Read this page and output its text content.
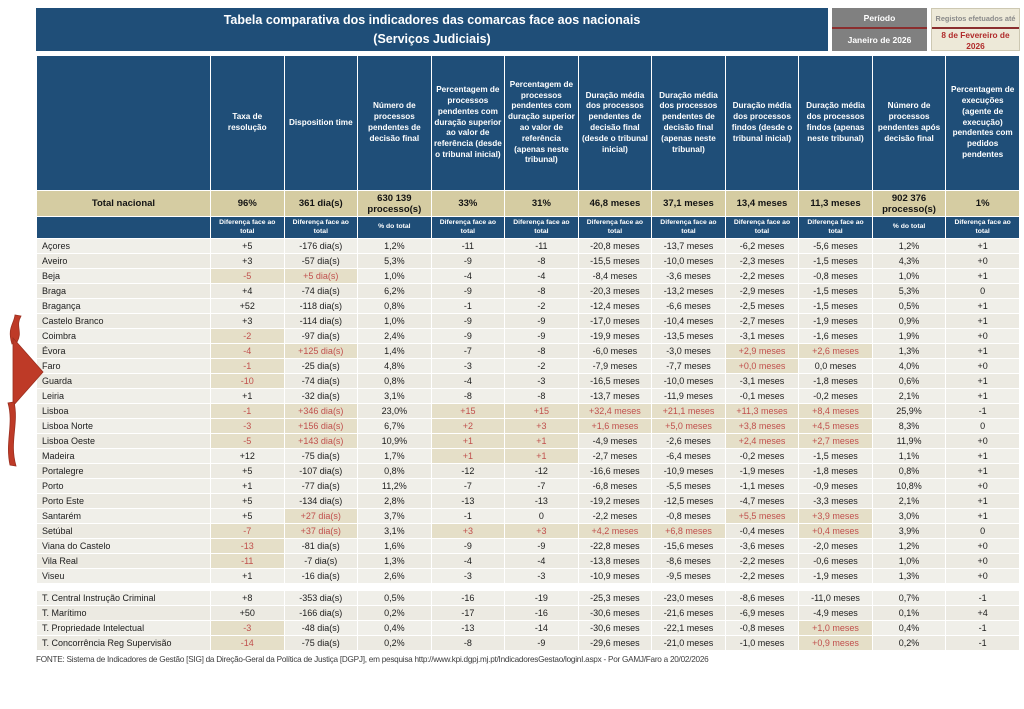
Tabela comparativa dos indicadores das comarcas face aos nacionais
(Serviços Judiciais)
Período
Janeiro de 2026
Registos efetuados até
8 de Fevereiro de 2026
	Taxa de resolução	Disposition time	Número de processos pendentes de decisão final	Percentagem de processos pendentes com duração superior ao valor de referência (desde o tribunal inicial)	Percentagem de processos pendentes com duração superior ao valor de referência (apenas neste tribunal)	Duração média dos processos pendentes de decisão final (desde o tribunal inicial)	Duração média dos processos pendentes de decisão final (apenas neste tribunal)	Duração média dos processos findos (desde o tribunal inicial)	Duração média dos processos findos (apenas neste tribunal)	Número de processos pendentes após decisão final	Percentagem de execuções (agente de execução) pendentes com pedidos pendentes
Total nacional	96%	361 dia(s)	630 139 processo(s)	33%	31%	46,8 meses	37,1 meses	13,4 meses	11,3 meses	902 376 processo(s)	1%
	Diferença face ao total	Diferença face ao total	% do total	Diferença face ao total	Diferença face ao total	Diferença face ao total	Diferença face ao total	Diferença face ao total	Diferença face ao total	% do total	Diferença face ao total
Açores	+5	-176 dia(s)	1,2%	-11	-11	-20,8 meses	-13,7 meses	-6,2 meses	-5,6 meses	1,2%	+1
Aveiro	+3	-57 dia(s)	5,3%	-9	-8	-15,5 meses	-10,0 meses	-2,3 meses	-1,5 meses	4,3%	+0
Beja	-5	+5 dia(s)	1,0%	-4	-4	-8,4 meses	-3,6 meses	-2,2 meses	-0,8 meses	1,0%	+1
Braga	+4	-74 dia(s)	6,2%	-9	-8	-20,3 meses	-13,2 meses	-2,9 meses	-1,5 meses	5,3%	0
Bragança	+52	-118 dia(s)	0,8%	-1	-2	-12,4 meses	-6,6 meses	-2,5 meses	-1,5 meses	0,5%	+1
Castelo Branco	+3	-114 dia(s)	1,0%	-9	-9	-17,0 meses	-10,4 meses	-2,7 meses	-1,9 meses	0,9%	+1
Coimbra	-2	-97 dia(s)	2,4%	-9	-9	-19,9 meses	-13,5 meses	-3,1 meses	-1,6 meses	1,9%	+0
Évora	-4	+125 dia(s)	1,4%	-7	-8	-6,0 meses	-3,0 meses	+2,9 meses	+2,6 meses	1,3%	+1
Faro	-1	-25 dia(s)	4,8%	-3	-2	-7,9 meses	-7,7 meses	+0,0 meses	0,0 meses	4,0%	+0
Guarda	-10	-74 dia(s)	0,8%	-4	-3	-16,5 meses	-10,0 meses	-3,1 meses	-1,8 meses	0,6%	+1
Leiria	+1	-32 dia(s)	3,1%	-8	-8	-13,7 meses	-11,9 meses	-0,1 meses	-0,2 meses	2,1%	+1
Lisboa	-1	+346 dia(s)	23,0%	+15	+15	+32,4 meses	+21,1 meses	+11,3 meses	+8,4 meses	25,9%	-1
Lisboa Norte	-3	+156 dia(s)	6,7%	+2	+3	+1,6 meses	+5,0 meses	+3,8 meses	+4,5 meses	8,3%	0
Lisboa Oeste	-5	+143 dia(s)	10,9%	+1	+1	-4,9 meses	-2,6 meses	+2,4 meses	+2,7 meses	11,9%	+0
Madeira	+12	-75 dia(s)	1,7%	+1	+1	-2,7 meses	-6,4 meses	-0,2 meses	-1,5 meses	1,1%	+1
Portalegre	+5	-107 dia(s)	0,8%	-12	-12	-16,6 meses	-10,9 meses	-1,9 meses	-1,8 meses	0,8%	+1
Porto	+1	-77 dia(s)	11,2%	-7	-7	-6,8 meses	-5,5 meses	-1,1 meses	-0,9 meses	10,8%	+0
Porto Este	+5	-134 dia(s)	2,8%	-13	-13	-19,2 meses	-12,5 meses	-4,7 meses	-3,3 meses	2,1%	+1
Santarém	+5	+27 dia(s)	3,7%	-1	0	-2,2 meses	-0,8 meses	+5,5 meses	+3,9 meses	3,0%	+1
Setúbal	-7	+37 dia(s)	3,1%	+3	+3	+4,2 meses	+6,8 meses	-0,4 meses	+0,4 meses	3,9%	0
Viana do Castelo	-13	-81 dia(s)	1,6%	-9	-9	-22,8 meses	-15,6 meses	-3,6 meses	-2,0 meses	1,2%	+0
Vila Real	-11	-7 dia(s)	1,3%	-4	-4	-13,8 meses	-8,6 meses	-2,2 meses	-0,6 meses	1,0%	+0
Viseu	+1	-16 dia(s)	2,6%	-3	-3	-10,9 meses	-9,5 meses	-2,2 meses	-1,9 meses	1,3%	+0
T. Central Instrução Criminal	+8	-353 dia(s)	0,5%	-16	-19	-25,3 meses	-23,0 meses	-8,6 meses	-11,0 meses	0,7%	-1
T. Marítimo	+50	-166 dia(s)	0,2%	-17	-16	-30,6 meses	-21,6 meses	-6,9 meses	-4,9 meses	0,1%	+4
T. Propriedade Intelectual	-3	-48 dia(s)	0,4%	-13	-14	-30,6 meses	-22,1 meses	-0,8 meses	+1,0 meses	0,4%	-1
T. Concorrência Reg Supervisão	-14	-75 dia(s)	0,2%	-8	-9	-29,6 meses	-21,0 meses	-1,0 meses	+0,9 meses	0,2%	-1
FONTE: Sistema de Indicadores de Gestão [SIG] da Direção-Geral da Política de Justiça [DGPJ], em pesquisa http://www.kpi.dgpj.mj.pt/IndicadoresGestao/loginI.aspx - Por GAMJ/Faro a 20/02/2026
